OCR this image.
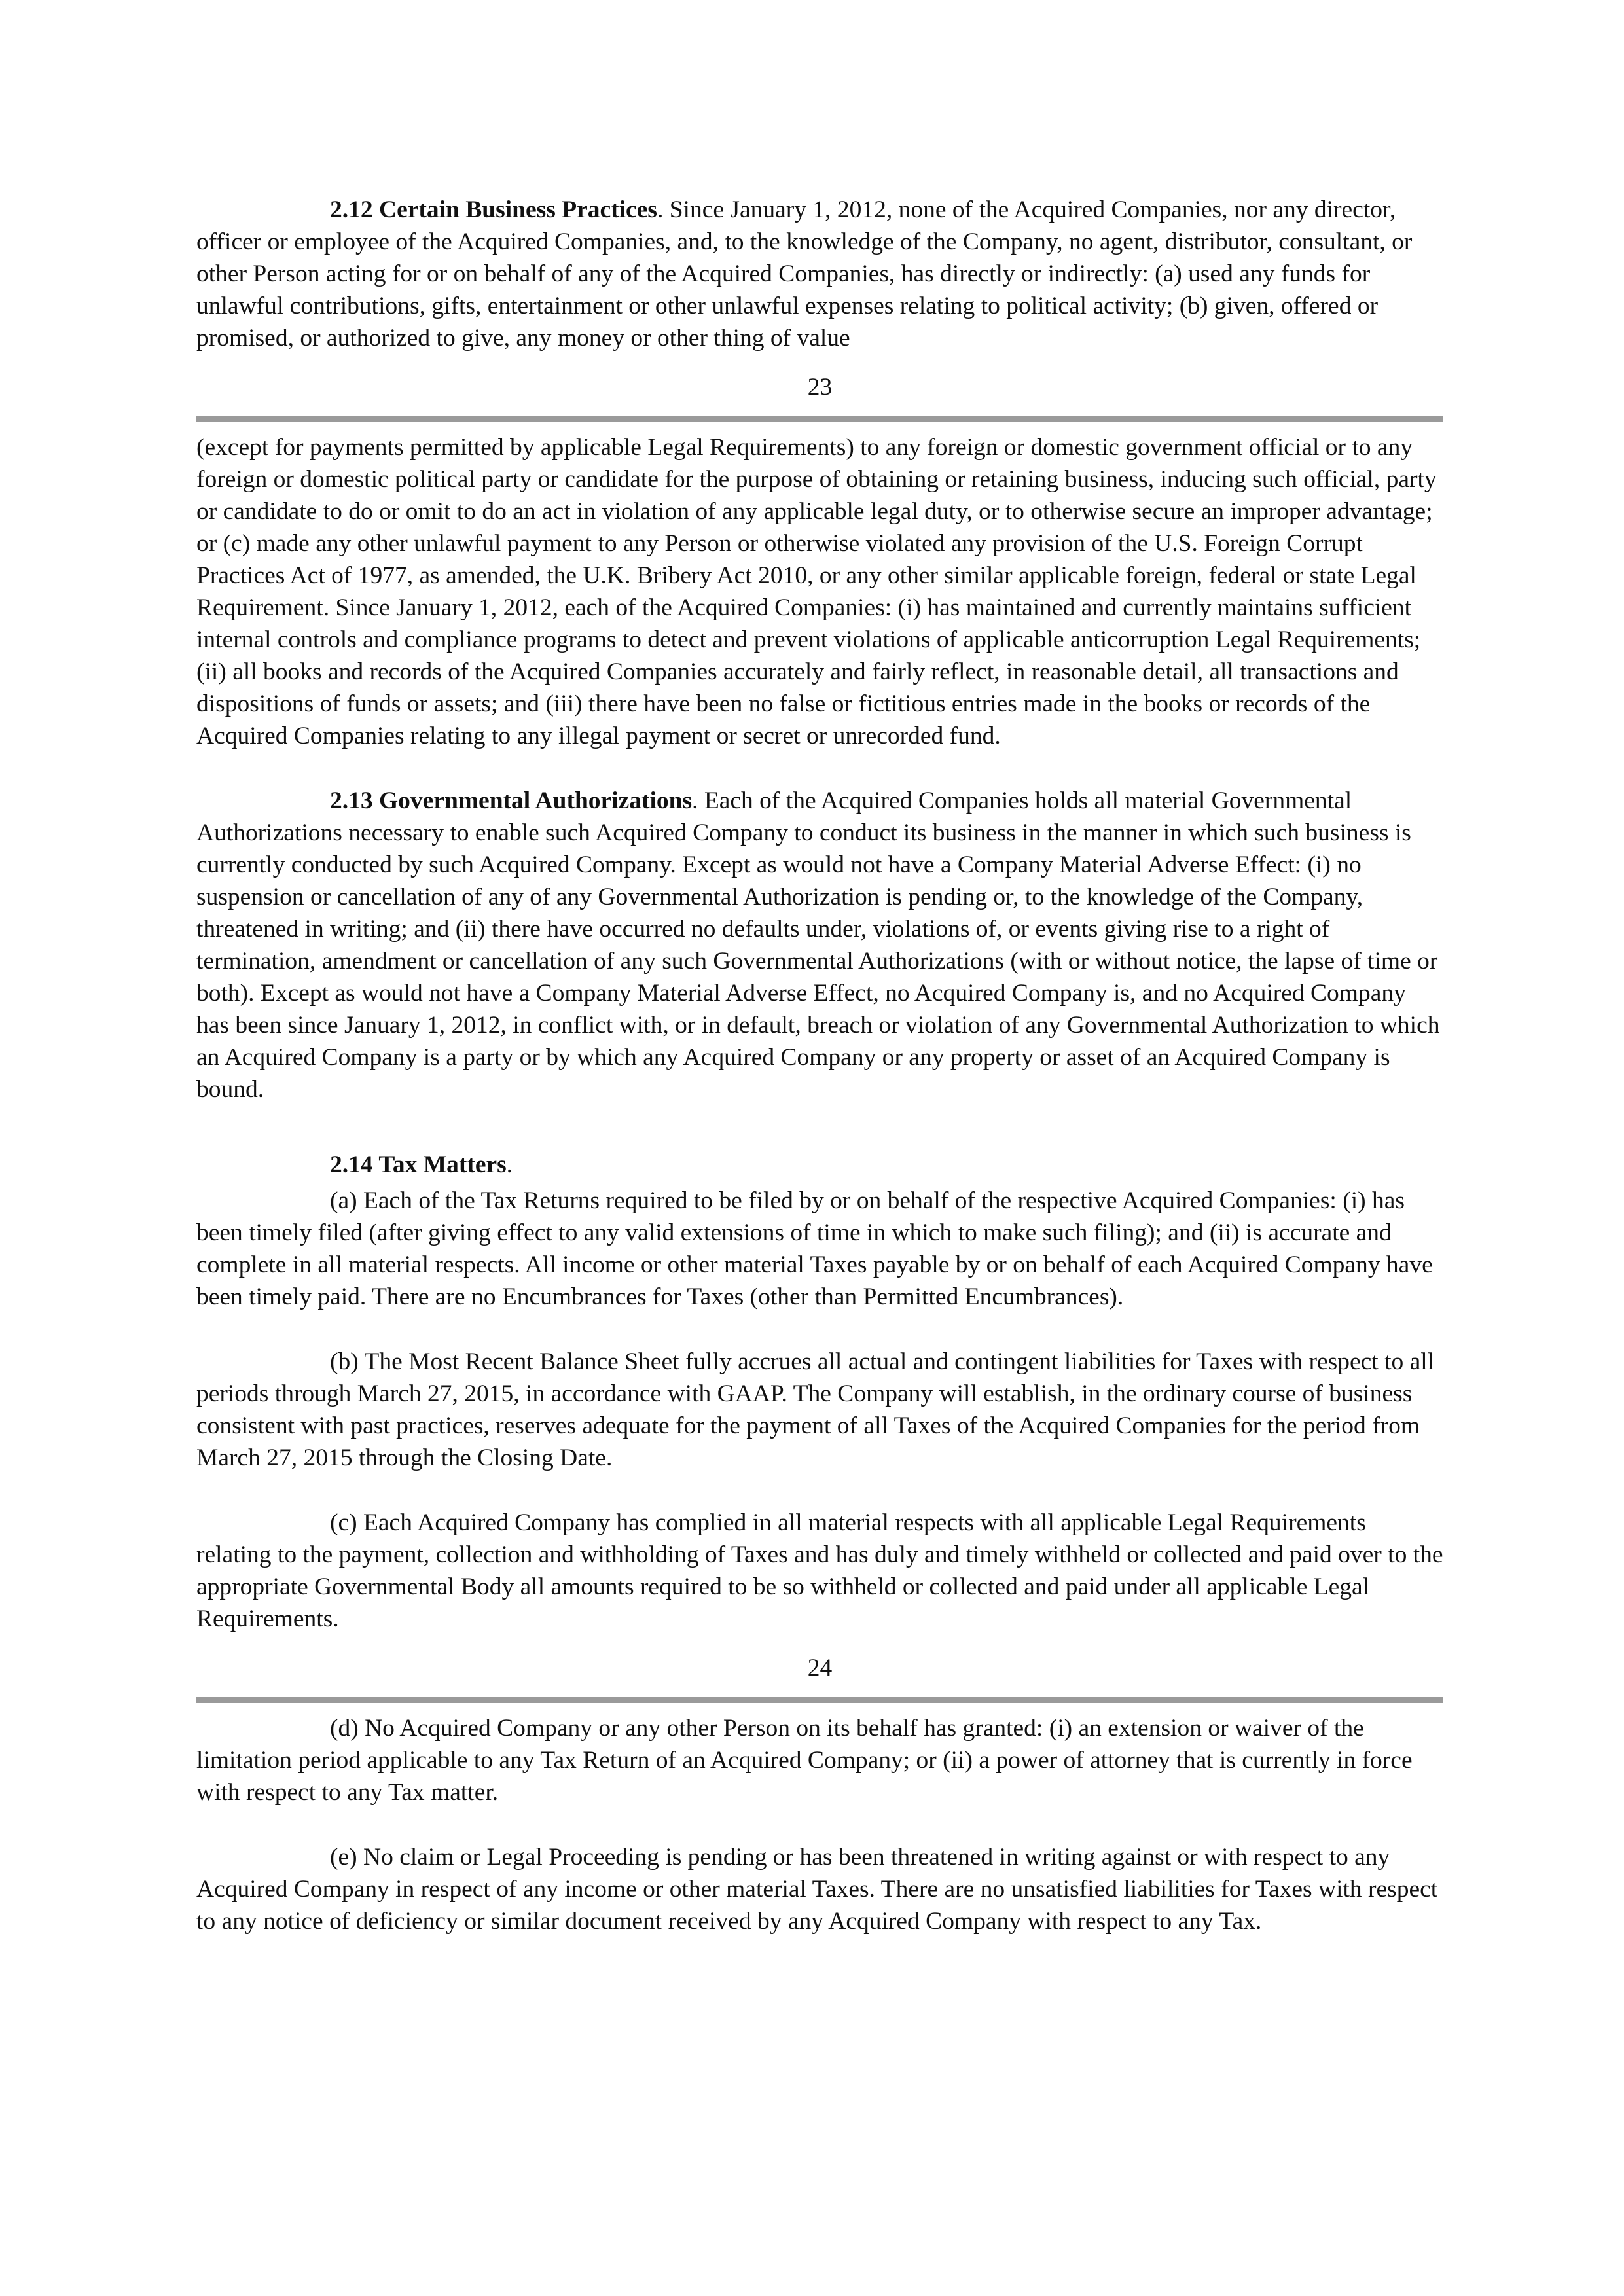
2.12 Certain Business Practices. Since January 1, 2012, none of the Acquired Companies, nor any director, officer or employee of the Acquired Companies, and, to the knowledge of the Company, no agent, distributor, consultant, or other Person acting for or on behalf of any of the Acquired Companies, has directly or indirectly: (a) used any funds for unlawful contributions, gifts, entertainment or other unlawful expenses relating to political activity; (b) given, offered or promised, or authorized to give, any money or other thing of value

23

(except for payments permitted by applicable Legal Requirements) to any foreign or domestic government official or to any foreign or domestic political party or candidate for the purpose of obtaining or retaining business, inducing such official, party or candidate to do or omit to do an act in violation of any applicable legal duty, or to otherwise secure an improper advantage; or (c) made any other unlawful payment to any Person or otherwise violated any provision of the U.S. Foreign Corrupt Practices Act of 1977, as amended, the U.K. Bribery Act 2010, or any other similar applicable foreign, federal or state Legal Requirement. Since January 1, 2012, each of the Acquired Companies: (i) has maintained and currently maintains sufficient internal controls and compliance programs to detect and prevent violations of applicable anticorruption Legal Requirements; (ii) all books and records of the Acquired Companies accurately and fairly reflect, in reasonable detail, all transactions and dispositions of funds or assets; and (iii) there have been no false or fictitious entries made in the books or records of the Acquired Companies relating to any illegal payment or secret or unrecorded fund.

2.13 Governmental Authorizations. Each of the Acquired Companies holds all material Governmental Authorizations necessary to enable such Acquired Company to conduct its business in the manner in which such business is currently conducted by such Acquired Company. Except as would not have a Company Material Adverse Effect: (i) no suspension or cancellation of any of any Governmental Authorization is pending or, to the knowledge of the Company, threatened in writing; and (ii) there have occurred no defaults under, violations of, or events giving rise to a right of termination, amendment or cancellation of any such Governmental Authorizations (with or without notice, the lapse of time or both). Except as would not have a Company Material Adverse Effect, no Acquired Company is, and no Acquired Company has been since January 1, 2012, in conflict with, or in default, breach or violation of any Governmental Authorization to which an Acquired Company is a party or by which any Acquired Company or any property or asset of an Acquired Company is bound.

2.14 Tax Matters.

(a) Each of the Tax Returns required to be filed by or on behalf of the respective Acquired Companies: (i) has been timely filed (after giving effect to any valid extensions of time in which to make such filing); and (ii) is accurate and complete in all material respects. All income or other material Taxes payable by or on behalf of each Acquired Company have been timely paid. There are no Encumbrances for Taxes (other than Permitted Encumbrances).

(b) The Most Recent Balance Sheet fully accrues all actual and contingent liabilities for Taxes with respect to all periods through March 27, 2015, in accordance with GAAP. The Company will establish, in the ordinary course of business consistent with past practices, reserves adequate for the payment of all Taxes of the Acquired Companies for the period from March 27, 2015 through the Closing Date.

(c) Each Acquired Company has complied in all material respects with all applicable Legal Requirements relating to the payment, collection and withholding of Taxes and has duly and timely withheld or collected and paid over to the appropriate Governmental Body all amounts required to be so withheld or collected and paid under all applicable Legal Requirements.

24

(d) No Acquired Company or any other Person on its behalf has granted: (i) an extension or waiver of the limitation period applicable to any Tax Return of an Acquired Company; or (ii) a power of attorney that is currently in force with respect to any Tax matter.

(e) No claim or Legal Proceeding is pending or has been threatened in writing against or with respect to any Acquired Company in respect of any income or other material Taxes. There are no unsatisfied liabilities for Taxes with respect to any notice of deficiency or similar document received by any Acquired Company with respect to any Tax.
